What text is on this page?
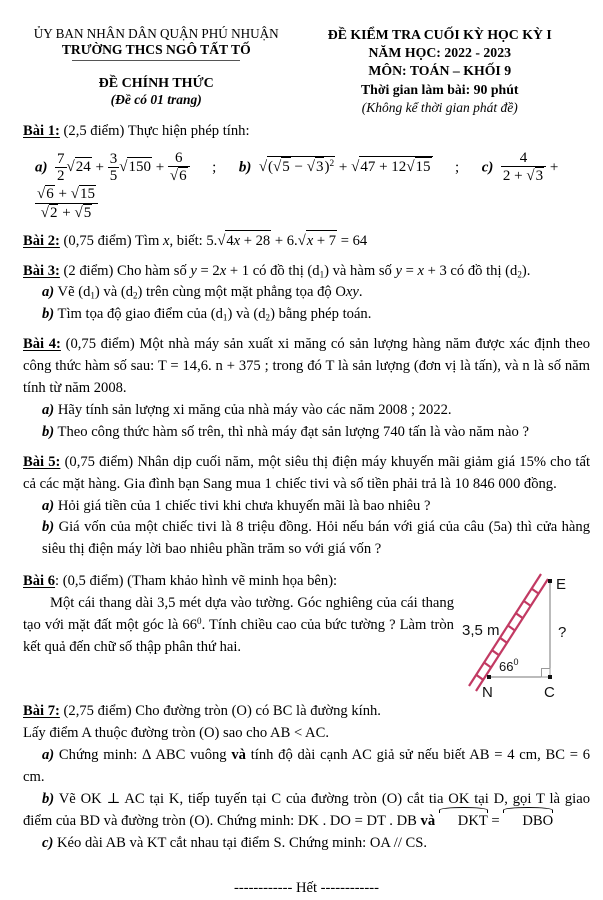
ỦY BAN NHÂN DÂN QUẬN PHÚ NHUẬN
TRƯỜNG THCS NGÔ TẤT TỐ
ĐỀ CHÍNH THỨC
(Đề có 01 trang)
ĐỀ KIỂM TRA CUỐI KỲ HỌC KỲ I
NĂM HỌC: 2022 - 2023
MÔN: TOÁN – KHỐI 9
Thời gian làm bài: 90 phút
(Không kể thời gian phát đề)

Bài 1: (2,5 điểm) Thực hiện phép tính:

$a) \frac{7}{2} √24 + \frac{3}{5} √150 + \frac{6}{√6}$ ;      b) $√(√5 - √3)^2 + √47 + 12√15$      ;      $c) \frac{4}{2 + √3}$ +
$\frac{√6 + √15}{√2 + √5}$

Bài 2: (0,75 điểm) Tìm x, biết: 5.√4x + 28 + 6.√x + 7 = 64

Bài 3: (2 điểm) Cho hàm số y = 2x + 1 có đồ thị (d1) và hàm số y = x + 3 có đồ thị (d2).

a) Vẽ (d1) và (d2) trên cùng một mặt phẳng tọa độ Oxy.

b) Tìm tọa độ giao điểm của (d1) và (d2) bằng phép toán.

Bài 4: (0,75 điểm) Một nhà máy sản xuất xi măng có sản lượng hàng năm được xác định theo công thức hàm số sau: T = 14,6. n + 375 ; trong đó T là sản lượng (đơn vị là tấn), và n là số năm tính từ năm 2008.

a) Hãy tính sản lượng xi măng của nhà máy vào các năm 2008 ; 2022.

b) Theo công thức hàm số trên, thì nhà máy đạt sản lượng 740 tấn là vào năm nào ?

Bài 5: (0,75 điểm) Nhân dịp cuối năm, một siêu thị điện máy khuyến mãi giảm giá 15% cho tất cả các mặt hàng. Gia đình bạn Sang mua 1 chiếc tivi và số tiền phải trả là 10 846 000 đồng.

a) Hỏi giá tiền của 1 chiếc tivi khi chưa khuyến mãi là bao nhiêu ?

b) Giá vốn của một chiếc tivi là 8 triệu đồng. Hỏi nếu bán với giá của câu (5a) thì cửa hàng siêu thị điện máy lời bao nhiêu phần trăm so với giá vốn ?

E
N	C
3,5 m	?
$66^0$

Bài 6: (0,5 điểm) (Tham khảo hình vẽ minh họa bên):

Một cái thang dài 3,5 mét dựa vào tường. Góc nghiêng của cái thang tạo với mặt đất một góc là $66^0$. Tính chiều cao của bức tường ? Làm tròn kết quả đến chữ số thập phân thứ hai.

Bài 7: (2,75 điểm) Cho đường tròn (O) có BC là đường kính.

Lấy điểm A thuộc đường tròn (O) sao cho AB < AC.

a) Chứng minh: Δ ABC vuông và tính độ dài cạnh AC giả sử nếu biết AB = 4 cm, BC = 6 cm.

b) Vẽ OK ⊥ AC tại K, tiếp tuyến tại C của đường tròn (O) cắt tia OK tại D, gọi T là giao điểm của BD và đường tròn (O). Chứng minh: DK . DO = DT . DB và DKT = DBO

c) Kéo dài AB và KT cắt nhau tại điểm S. Chứng minh: OA // CS.

------------ Hết ------------
